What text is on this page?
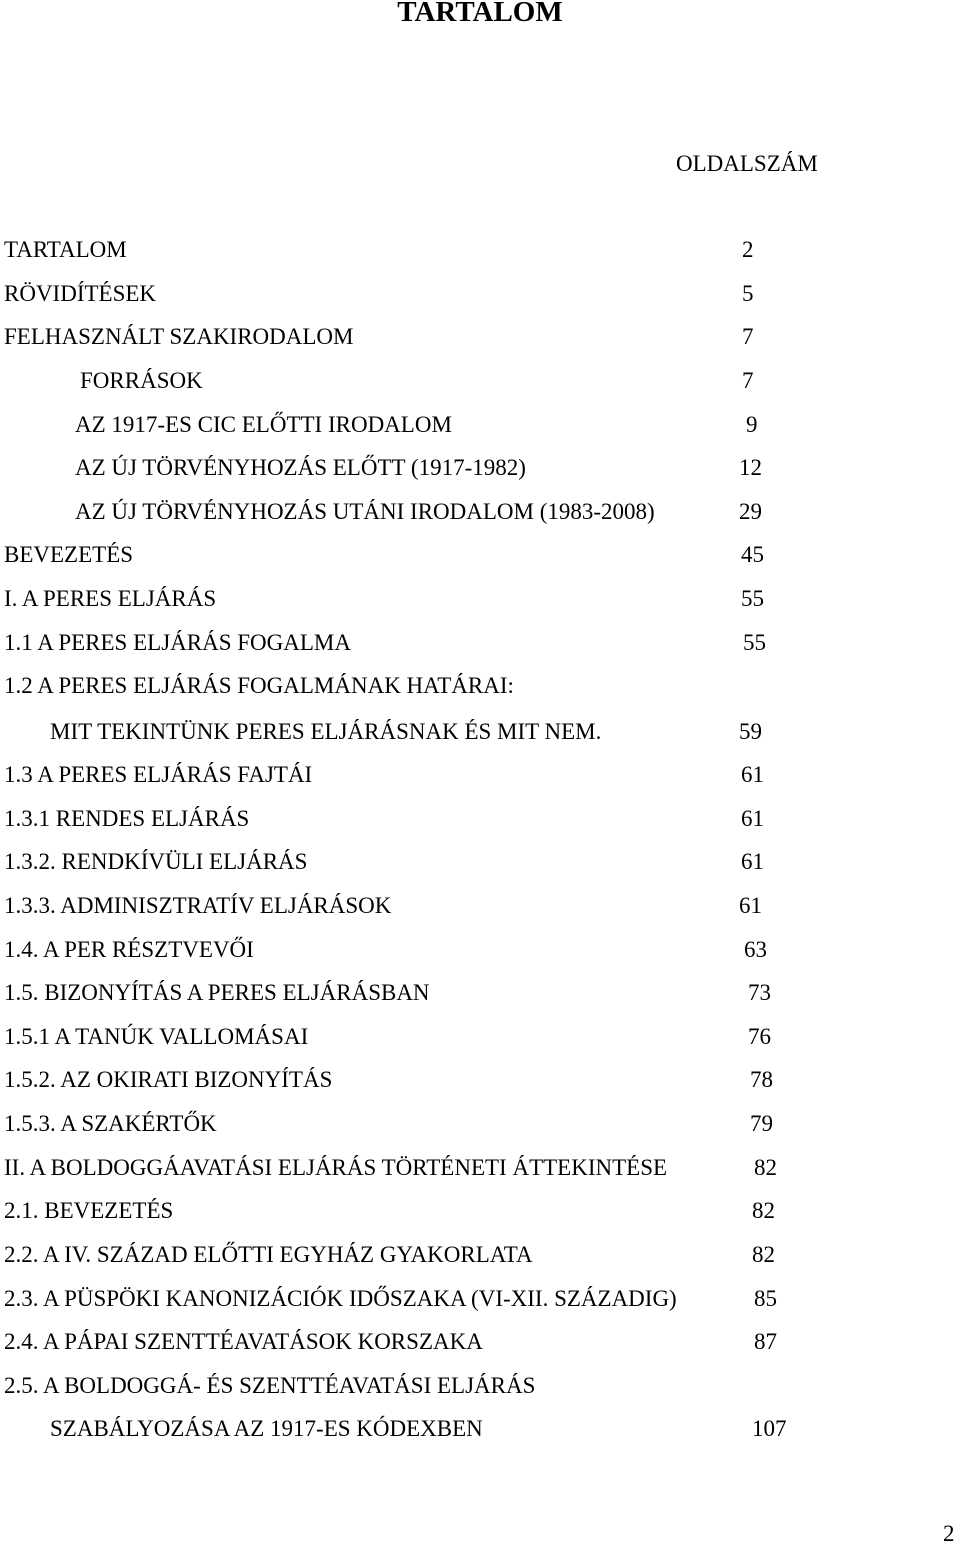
TARTALOM
OLDALSZÁM
TARTALOM	2
RÖVIDÍTÉSEK	5
FELHASZNÁLT SZAKIRODALOM	7
FORRÁSOK	7
AZ 1917-ES CIC ELŐTTI IRODALOM	9
AZ ÚJ TÖRVÉNYHOZÁS ELŐTT (1917-1982)	12
AZ ÚJ TÖRVÉNYHOZÁS UTÁNI IRODALOM (1983-2008)	29
BEVEZETÉS	45
I. A PERES ELJÁRÁS	55
1.1 A PERES ELJÁRÁS FOGALMA	55
1.2 A PERES ELJÁRÁS FOGALMÁNAK HATÁRAI:
MIT TEKINTÜNK PERES ELJÁRÁSNAK ÉS MIT NEM.	59
1.3 A PERES ELJÁRÁS FAJTÁI	61
1.3.1 RENDES ELJÁRÁS	61
1.3.2. RENDKÍVÜLI ELJÁRÁS	61
1.3.3. ADMINISZTRATÍV ELJÁRÁSOK	61
1.4. A PER RÉSZTVEVŐI	63
1.5. BIZONYÍTÁS A PERES ELJÁRÁSBAN	73
1.5.1 A TANÚK VALLOMÁSAI	76
1.5.2. AZ OKIRATI BIZONYÍTÁS	78
1.5.3. A SZAKÉRTŐK	79
II. A BOLDOGGÁAVATÁSI ELJÁRÁS TÖRTÉNETI ÁTTEKINTÉSE	82
2.1. BEVEZETÉS	82
2.2. A IV. SZÁZAD ELŐTTI EGYHÁZ GYAKORLATA	82
2.3. A PÜSPÖKI KANONIZÁCIÓK IDŐSZAKA (VI-XII. SZÁZADIG)	85
2.4. A PÁPAI SZENTTÉAVATÁSOK KORSZAKA	87
2.5. A BOLDOGGÁ- ÉS SZENTTÉAVATÁSI ELJÁRÁS
SZABÁLYOZÁSA AZ 1917-ES KÓDEXBEN	107
2
